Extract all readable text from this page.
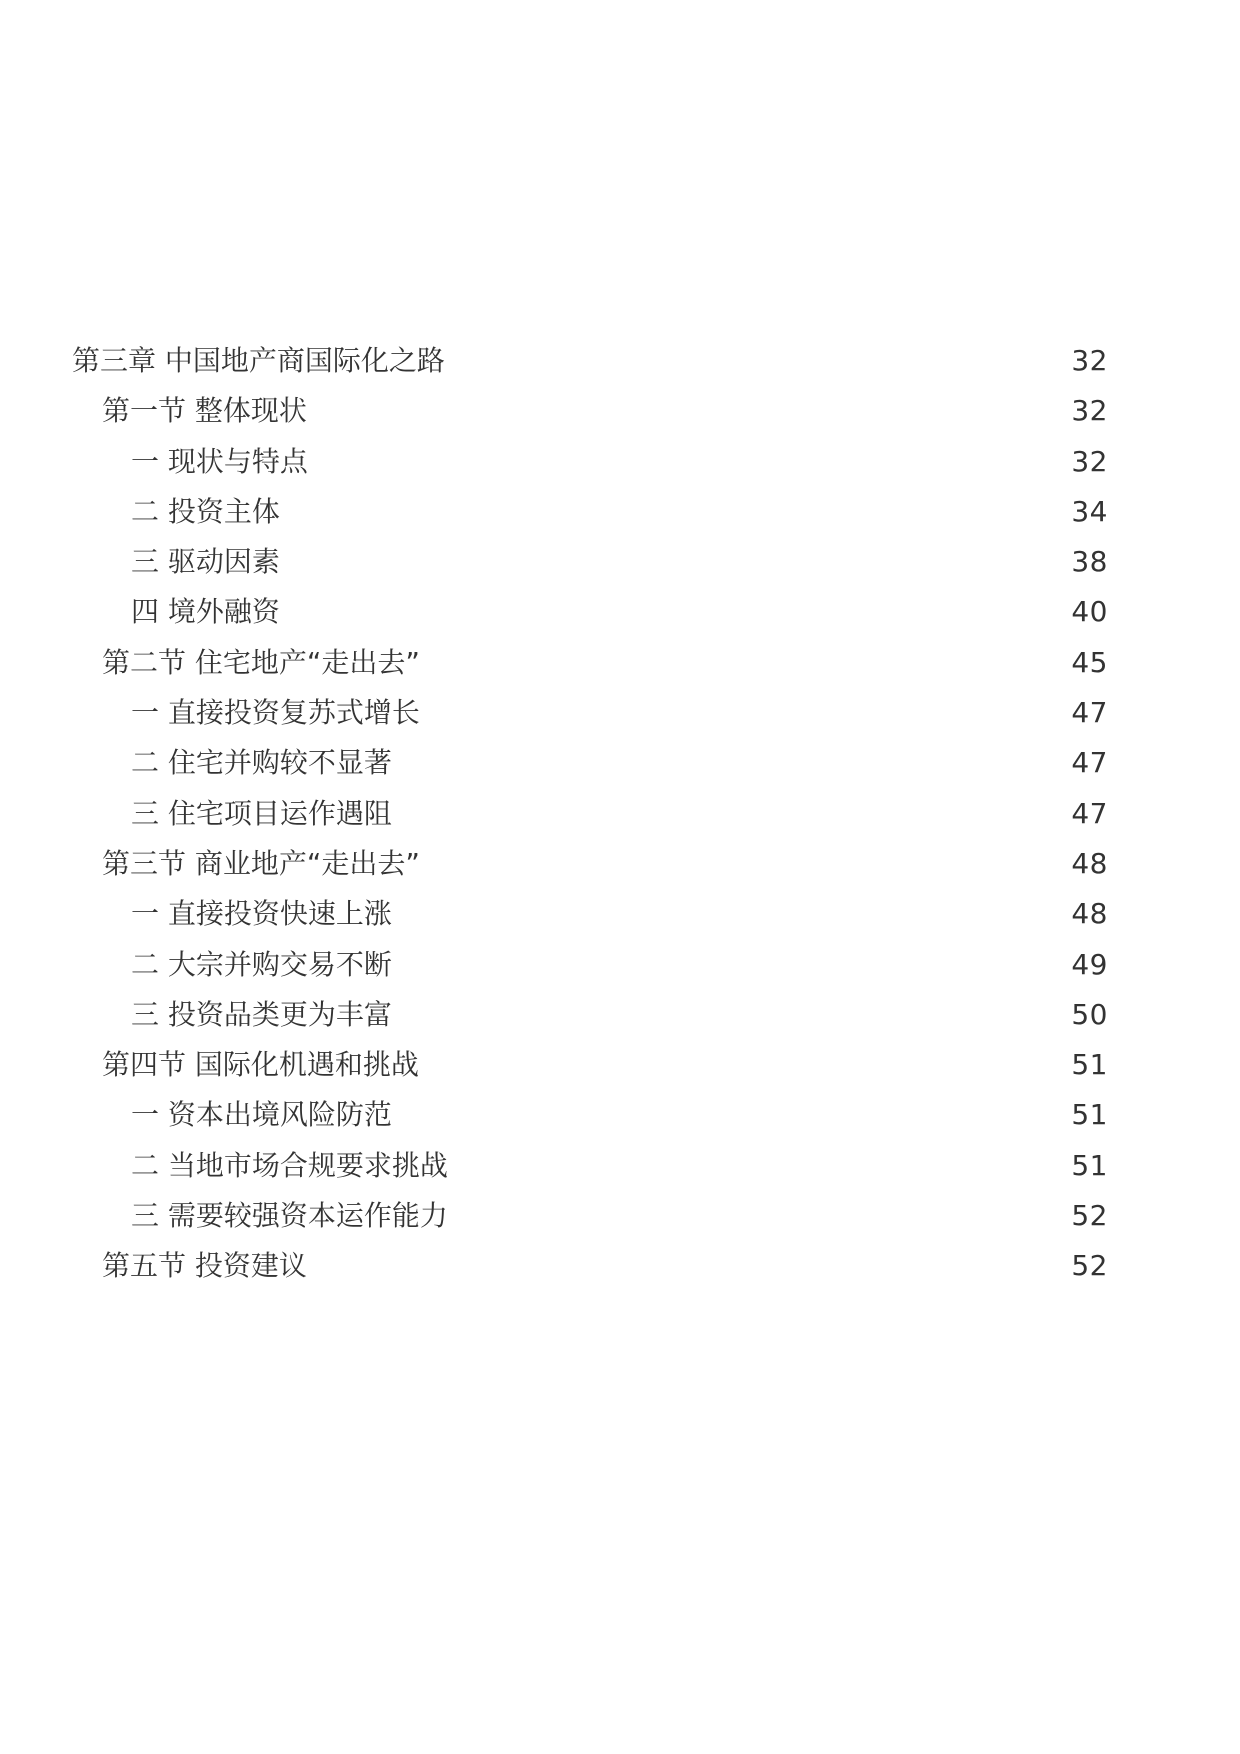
第三章 中国地产商国际化之路	32
第一节 整体现状	32
一 现状与特点	32
二 投资主体	34
三 驱动因素	38
四 境外融资	40
第二节 住宅地产“走出去”	45
一 直接投资复苏式增长	47
二 住宅并购较不显著	47
三 住宅项目运作遇阻	47
第三节 商业地产“走出去”	48
一 直接投资快速上涨	48
二 大宗并购交易不断	49
三 投资品类更为丰富	50
第四节 国际化机遇和挑战	51
一 资本出境风险防范	51
二 当地市场合规要求挑战	51
三 需要较强资本运作能力	52
第五节 投资建议	52
